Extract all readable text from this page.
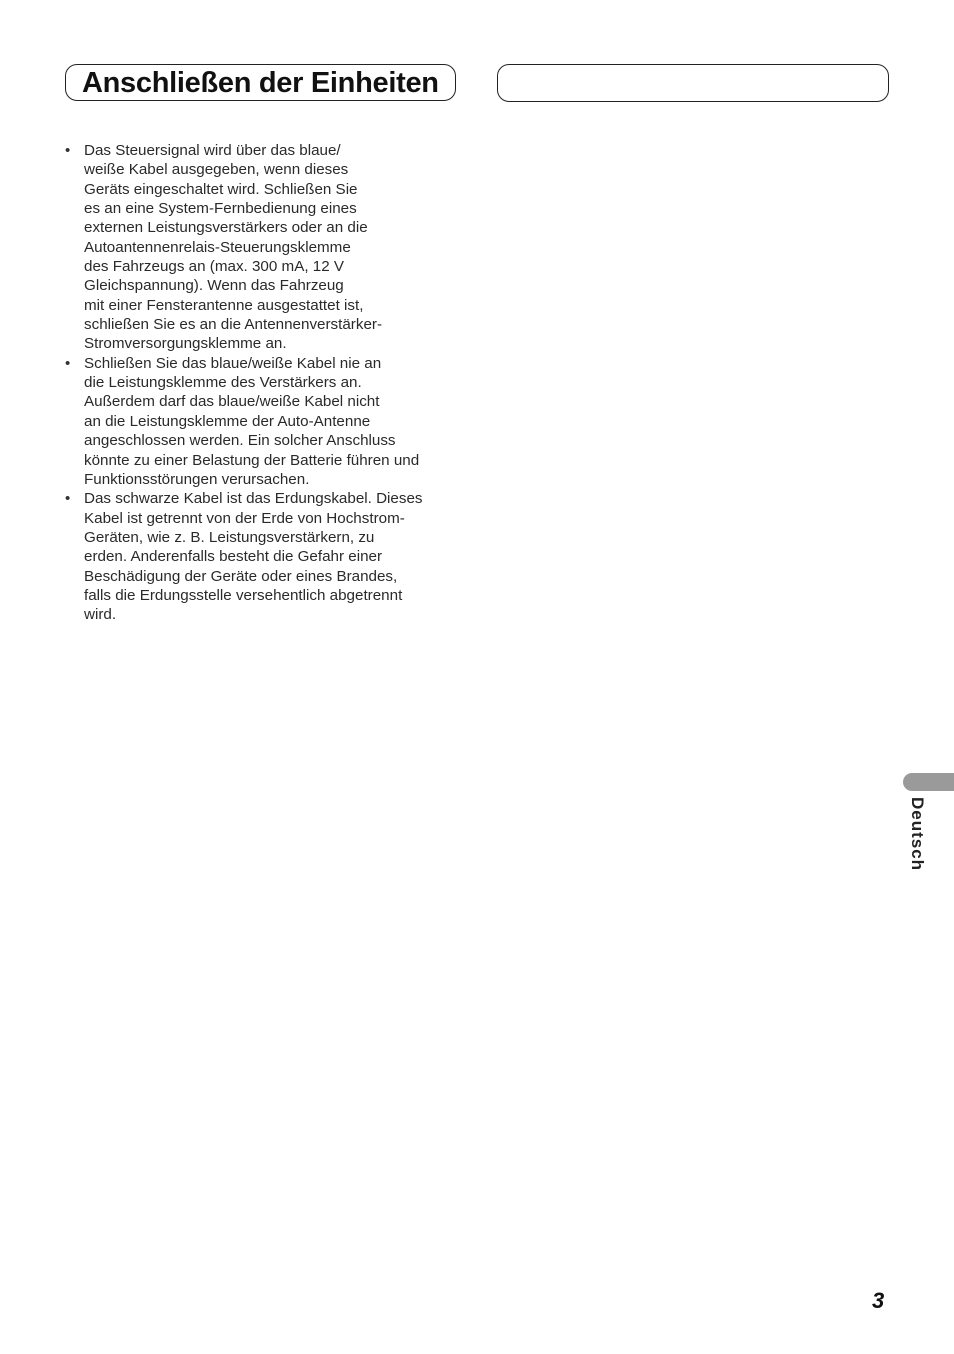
Anschließen der Einheiten
• Das Steuersignal wird über das blaue/
weiße Kabel ausgegeben, wenn dieses
Geräts eingeschaltet wird. Schließen Sie
es an eine System-Fernbedienung eines
externen Leistungsverstärkers oder an die
Autoantennenrelais-Steuerungsklemme
des Fahrzeugs an (max. 300 mA, 12 V
Gleichspannung). Wenn das Fahrzeug
mit einer Fensterantenne ausgestattet ist,
schließen Sie es an die Antennenverstärker-
Stromversorgungsklemme an.
• Schließen Sie das blaue/weiße Kabel nie an
die Leistungsklemme des Verstärkers an.
Außerdem darf das blaue/weiße Kabel nicht
an die Leistungsklemme der Auto-Antenne
angeschlossen werden. Ein solcher Anschluss
könnte zu einer Belastung der Batterie führen und
Funktionsstörungen verursachen.
• Das schwarze Kabel ist das Erdungskabel. Dieses
Kabel ist getrennt von der Erde von Hochstrom-
Geräten, wie z. B. Leistungsverstärkern, zu
erden. Anderenfalls besteht die Gefahr einer
Beschädigung der Geräte oder eines Brandes,
falls die Erdungsstelle versehentlich abgetrennt
wird.
Deutsch
3
